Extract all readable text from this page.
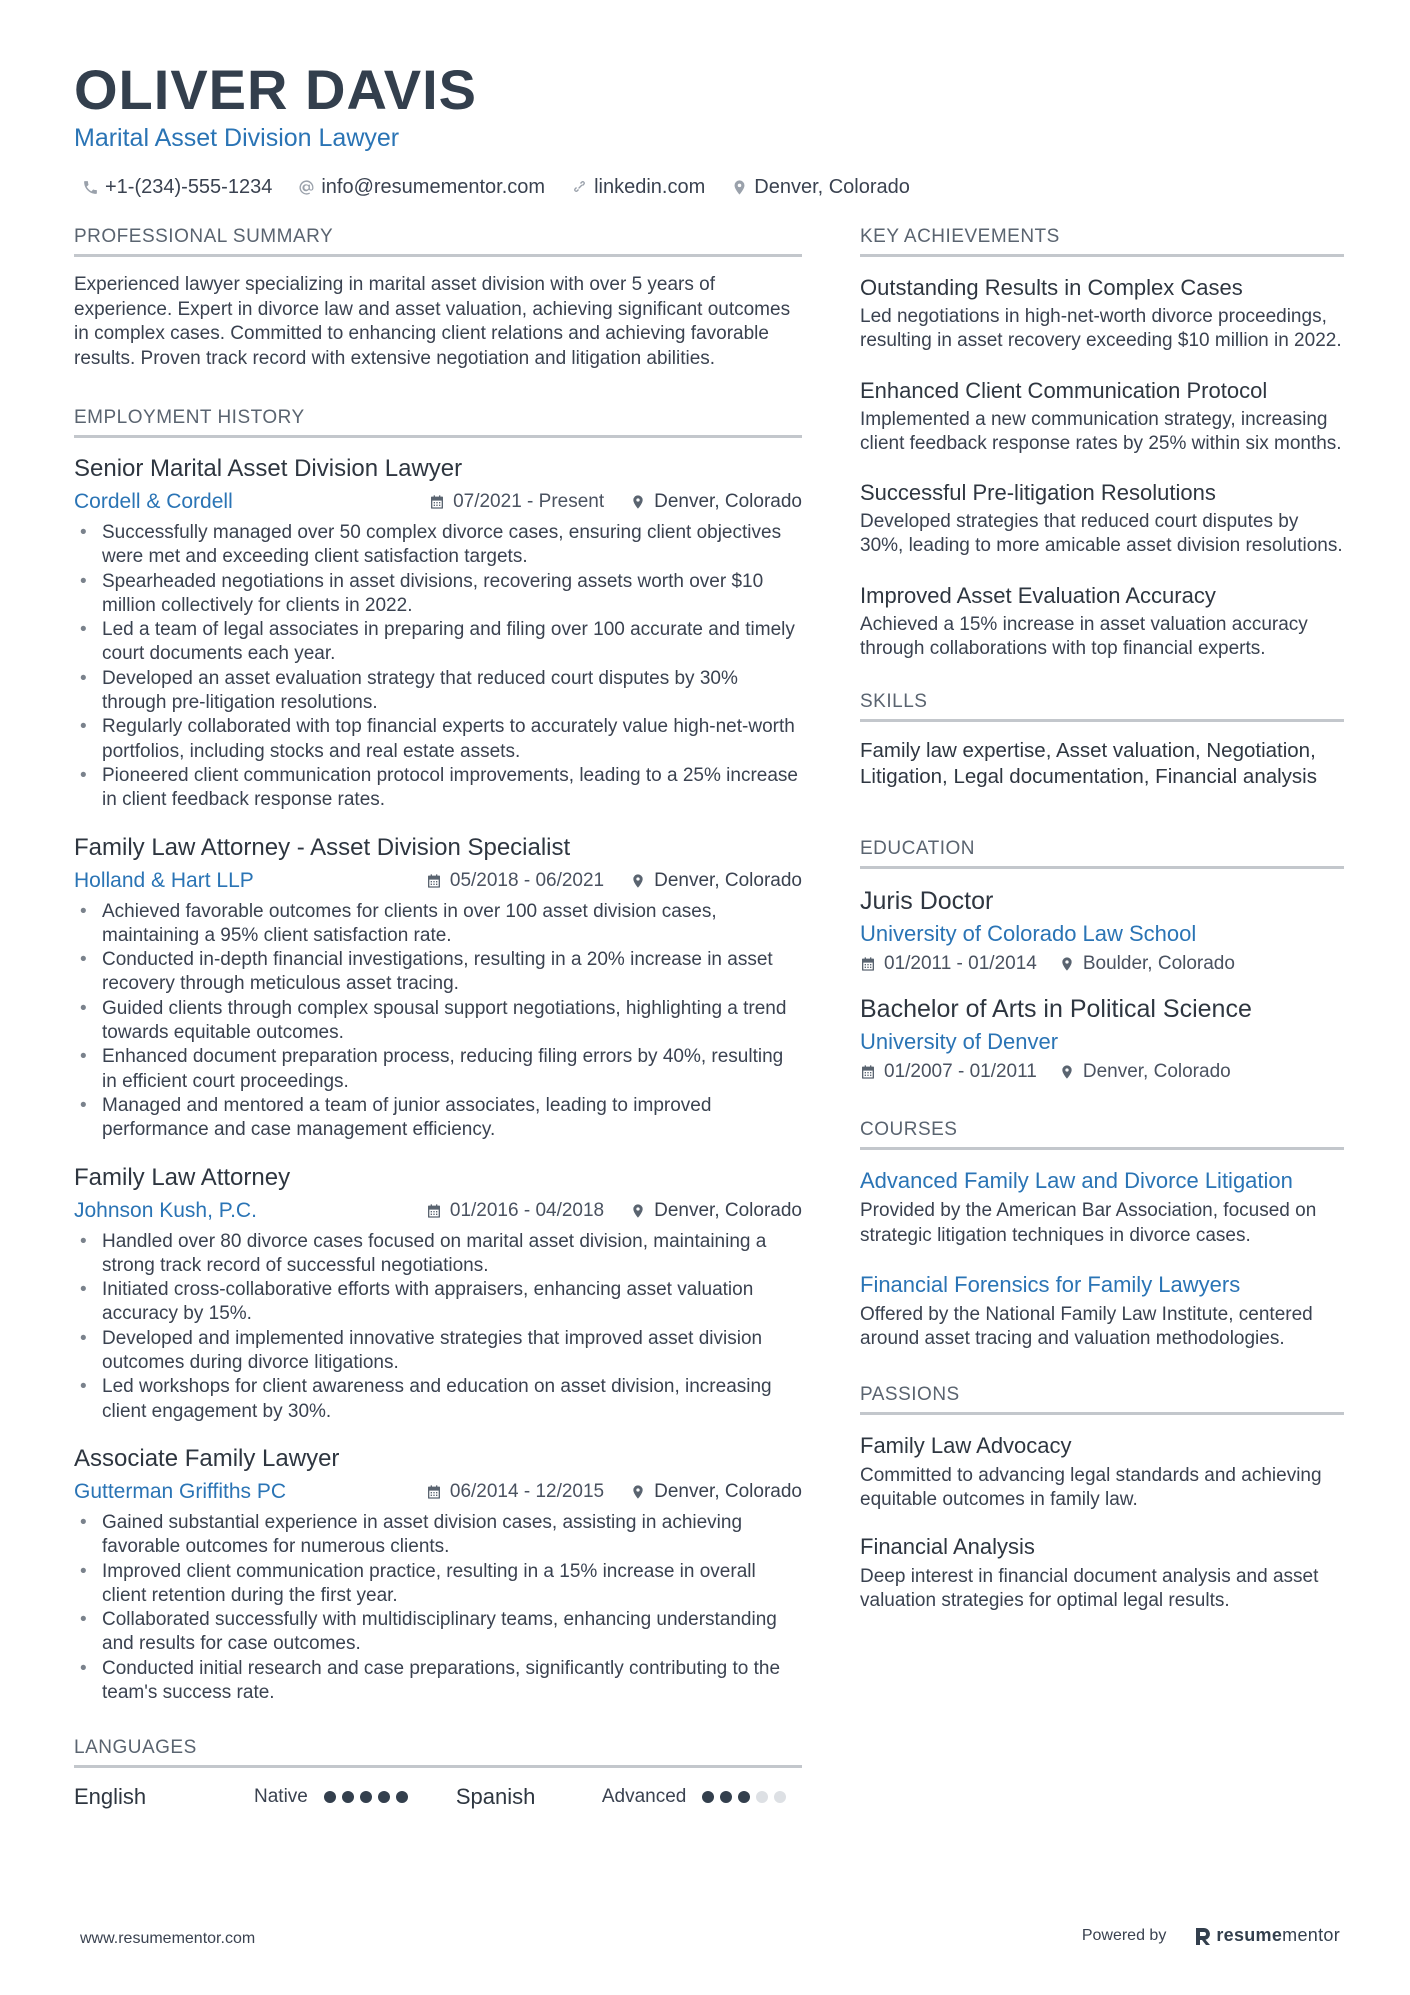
OLIVER DAVIS
Marital Asset Division Lawyer
+1-(234)-555-1234 info@resumementor.com linkedin.com Denver, Colorado
PROFESSIONAL SUMMARY
Experienced lawyer specializing in marital asset division with over 5 years of experience. Expert in divorce law and asset valuation, achieving significant outcomes in complex cases. Committed to enhancing client relations and achieving favorable results. Proven track record with extensive negotiation and litigation abilities.
EMPLOYMENT HISTORY
Senior Marital Asset Division Lawyer
Cordell & Cordell	07/2021 - Present	Denver, Colorado
• Successfully managed over 50 complex divorce cases, ensuring client objectives were met and exceeding client satisfaction targets.
• Spearheaded negotiations in asset divisions, recovering assets worth over $10 million collectively for clients in 2022.
• Led a team of legal associates in preparing and filing over 100 accurate and timely court documents each year.
• Developed an asset evaluation strategy that reduced court disputes by 30% through pre-litigation resolutions.
• Regularly collaborated with top financial experts to accurately value high-net-worth portfolios, including stocks and real estate assets.
• Pioneered client communication protocol improvements, leading to a 25% increase in client feedback response rates.
Family Law Attorney - Asset Division Specialist
Holland & Hart LLP	05/2018 - 06/2021	Denver, Colorado
• Achieved favorable outcomes for clients in over 100 asset division cases, maintaining a 95% client satisfaction rate.
• Conducted in-depth financial investigations, resulting in a 20% increase in asset recovery through meticulous asset tracing.
• Guided clients through complex spousal support negotiations, highlighting a trend towards equitable outcomes.
• Enhanced document preparation process, reducing filing errors by 40%, resulting in efficient court proceedings.
• Managed and mentored a team of junior associates, leading to improved performance and case management efficiency.
Family Law Attorney
Johnson Kush, P.C.	01/2016 - 04/2018	Denver, Colorado
• Handled over 80 divorce cases focused on marital asset division, maintaining a strong track record of successful negotiations.
• Initiated cross-collaborative efforts with appraisers, enhancing asset valuation accuracy by 15%.
• Developed and implemented innovative strategies that improved asset division outcomes during divorce litigations.
• Led workshops for client awareness and education on asset division, increasing client engagement by 30%.
Associate Family Lawyer
Gutterman Griffiths PC	06/2014 - 12/2015	Denver, Colorado
• Gained substantial experience in asset division cases, assisting in achieving favorable outcomes for numerous clients.
• Improved client communication practice, resulting in a 15% increase in overall client retention during the first year.
• Collaborated successfully with multidisciplinary teams, enhancing understanding and results for case outcomes.
• Conducted initial research and case preparations, significantly contributing to the team's success rate.
LANGUAGES
English	Native	Spanish	Advanced
KEY ACHIEVEMENTS
Outstanding Results in Complex Cases
Led negotiations in high-net-worth divorce proceedings, resulting in asset recovery exceeding $10 million in 2022.
Enhanced Client Communication Protocol
Implemented a new communication strategy, increasing client feedback response rates by 25% within six months.
Successful Pre-litigation Resolutions
Developed strategies that reduced court disputes by 30%, leading to more amicable asset division resolutions.
Improved Asset Evaluation Accuracy
Achieved a 15% increase in asset valuation accuracy through collaborations with top financial experts.
SKILLS
Family law expertise, Asset valuation, Negotiation, Litigation, Legal documentation, Financial analysis
EDUCATION
Juris Doctor
University of Colorado Law School
01/2011 - 01/2014 Boulder, Colorado
Bachelor of Arts in Political Science
University of Denver
01/2007 - 01/2011 Denver, Colorado
COURSES
Advanced Family Law and Divorce Litigation
Provided by the American Bar Association, focused on strategic litigation techniques in divorce cases.
Financial Forensics for Family Lawyers
Offered by the National Family Law Institute, centered around asset tracing and valuation methodologies.
PASSIONS
Family Law Advocacy
Committed to advancing legal standards and achieving equitable outcomes in family law.
Financial Analysis
Deep interest in financial document analysis and asset valuation strategies for optimal legal results.
www.resumementor.com	Powered by	resume mentor
